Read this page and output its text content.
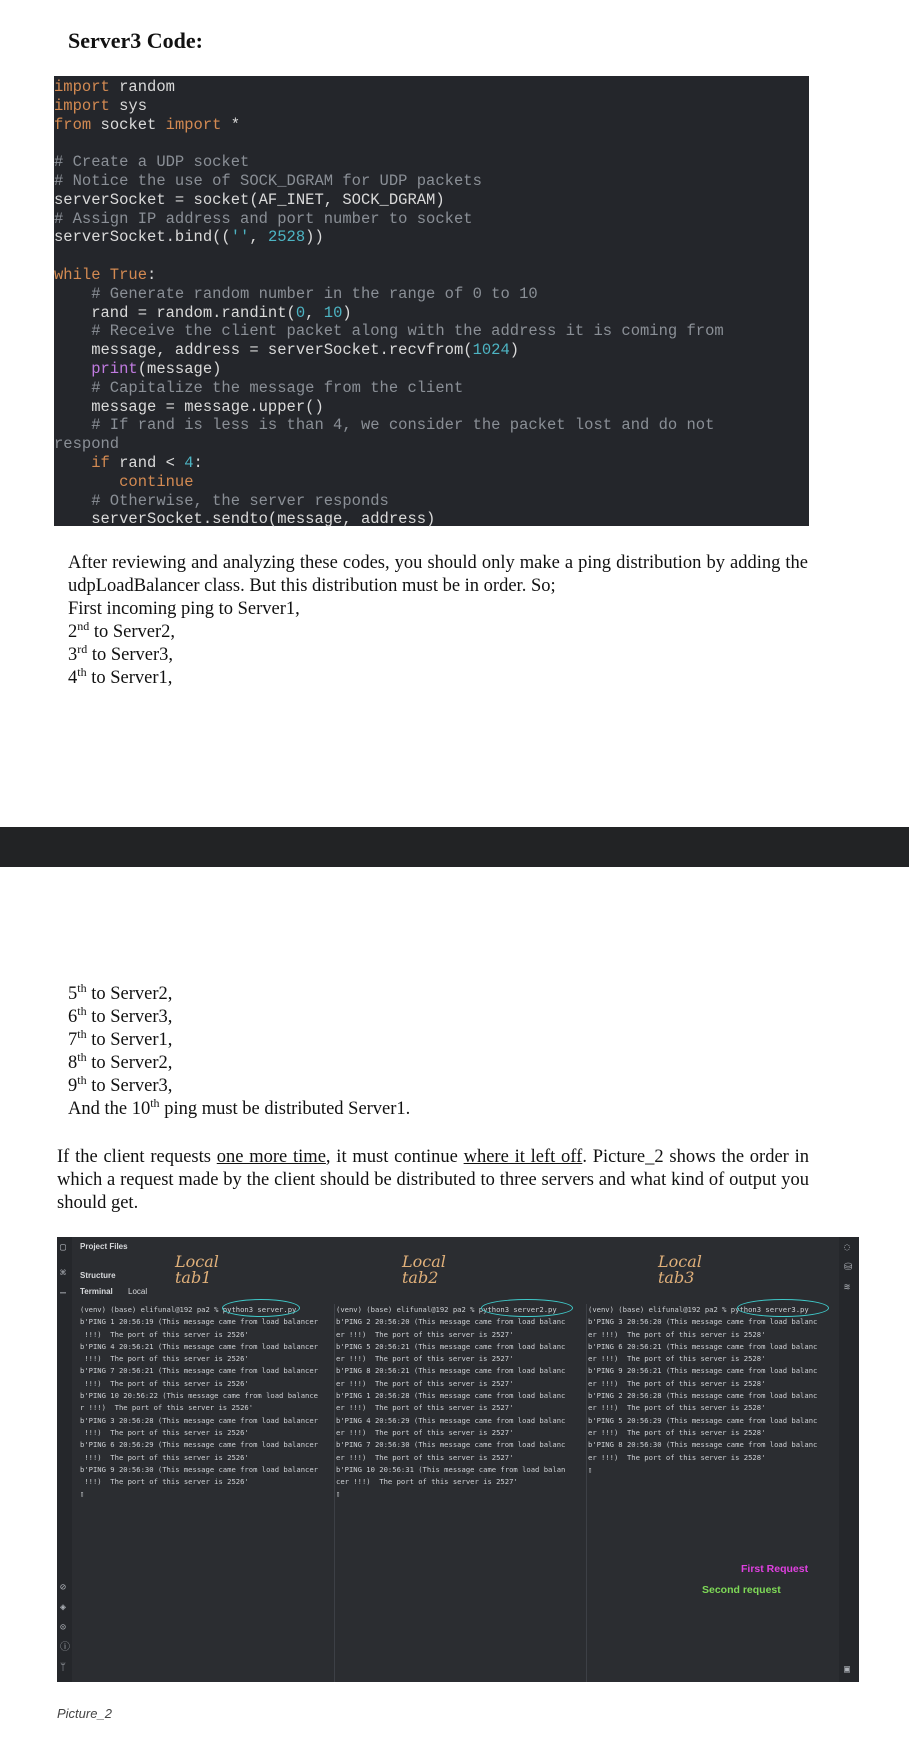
Server3 Code:
import random
import sys
from socket import *
# Create a UDP socket
# Notice the use of SOCK_DGRAM for UDP packets
serverSocket = socket(AF_INET, SOCK_DGRAM)
# Assign IP address and port number to socket
serverSocket.bind(('', 2528))
while True:
# Generate random number in the range of 0 to 10
rand = random.randint(0, 10)
# Receive the client packet along with the address it is coming from
message, address = serverSocket.recvfrom(1024)
print(message)
# Capitalize the message from the client
message = message.upper()
# If rand is less is than 4, we consider the packet lost and do not
respond
if rand < 4:
continue
# Otherwise, the server responds
serverSocket.sendto(message, address)
After reviewing and analyzing these codes, you should only make a ping distribution by adding the udpLoadBalancer class. But this distribution must be in order. So;
First incoming ping to Server1,
2nd to Server2,
3rd to Server3,
4th to Server1,
5th to Server2,
6th to Server3,
7th to Server1,
8th to Server2,
9th to Server3,
And the 10th ping must be distributed Server1.
If the client requests one more time, it must continue where it left off. Picture_2 shows the order in which a request made by the client should be distributed to three servers and what kind of output you should get.
▢
⌘
⋯
⊘
◈
⊙
ⓘ
ᛘ
◌
⛁
≋
▣
Project Files
Structure
Terminal Local
Local
tab1
Local
tab2
Local
tab3
(venv) (base) elifunal@192 pa2 % python3 server.py
b'PING 1 20:56:19 (This message came from load balancer
!!!)  The port of this server is 2526'
b'PING 4 20:56:21 (This message came from load balancer
!!!)  The port of this server is 2526'
b'PING 7 20:56:21 (This message came from load balancer
!!!)  The port of this server is 2526'
b'PING 10 20:56:22 (This message came from load balance
r !!!)  The port of this server is 2526'
b'PING 3 20:56:28 (This message came from load balancer
!!!)  The port of this server is 2526'
b'PING 6 20:56:29 (This message came from load balancer
!!!)  The port of this server is 2526'
b'PING 9 20:56:30 (This message came from load balancer
!!!)  The port of this server is 2526'
▯
(venv) (base) elifunal@192 pa2 % python3 server2.py
b'PING 2 20:56:20 (This message came from load balanc
er !!!)  The port of this server is 2527'
b'PING 5 20:56:21 (This message came from load balanc
er !!!)  The port of this server is 2527'
b'PING 8 20:56:21 (This message came from load balanc
er !!!)  The port of this server is 2527'
b'PING 1 20:56:28 (This message came from load balanc
er !!!)  The port of this server is 2527'
b'PING 4 20:56:29 (This message came from load balanc
er !!!)  The port of this server is 2527'
b'PING 7 20:56:30 (This message came from load balanc
er !!!)  The port of this server is 2527'
b'PING 10 20:56:31 (This message came from load balan
cer !!!)  The port of this server is 2527'
▯
(venv) (base) elifunal@192 pa2 % python3 server3.py
b'PING 3 20:56:20 (This message came from load balanc
er !!!)  The port of this server is 2528'
b'PING 6 20:56:21 (This message came from load balanc
er !!!)  The port of this server is 2528'
b'PING 9 20:56:21 (This message came from load balanc
er !!!)  The port of this server is 2528'
b'PING 2 20:56:28 (This message came from load balanc
er !!!)  The port of this server is 2528'
b'PING 5 20:56:29 (This message came from load balanc
er !!!)  The port of this server is 2528'
b'PING 8 20:56:30 (This message came from load balanc
er !!!)  The port of this server is 2528'
▯
First Request
Second request
Picture_2
